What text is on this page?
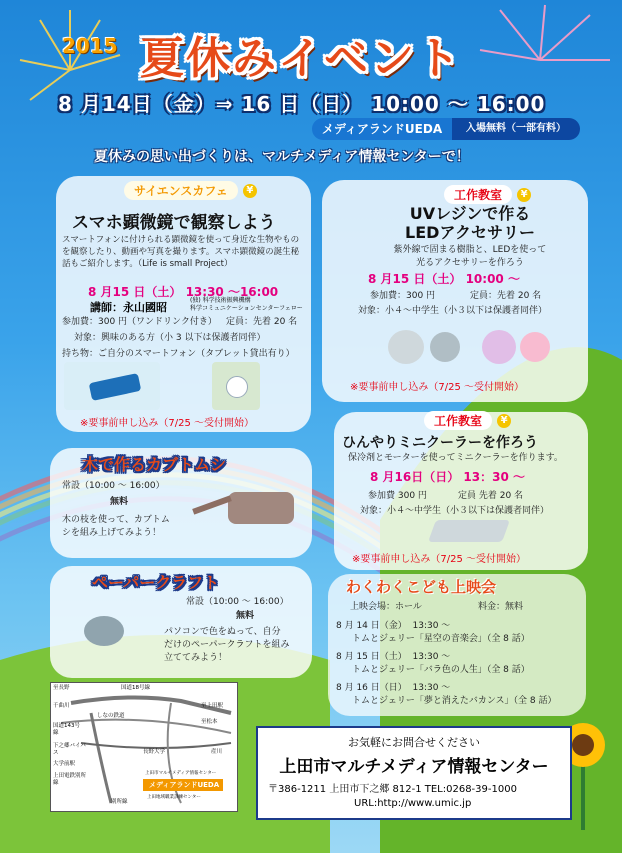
2015 夏休みイベント
8 月14日（金）⇒ 16 日（日） 10:00 ～ 16:00
メディアランドUEDA	入場無料（一部有料）
夏休みの思い出づくりは、マルチメディア情報センターで！
サイエンスカフェ ¥
スマホ顕微鏡で観察しよう
スマートフォンに付けられる顕微鏡を使って身近な生物やものを観察したり、動画や写真を撮ります。スマホ顕微鏡の誕生秘話もご紹介します。（Life is small Project）
8 月15 日（土） 13:30 ～16:00
講師：永山國昭
(独) 科学技術振興機構
科学コミュニケーションセンターフェロー
参加費：300 円（ワンドリンク付き） 定員：先着 20 名
対象：興味のある方（小 3 以下は保護者同伴）
持ち物：ご自分のスマートフォン（タブレット貸出有り）
※要事前申し込み（7/25 ～受付開始）
工作教室 ¥
UVレジンで作る
LEDアクセサリー
紫外線で固まる樹脂と、LEDを使って
光るアクセサリーを作ろう
8 月15 日（土） 10:00 ～
参加費：300 円	定員：先着 20 名
対象：小４～中学生（小３以下は保護者同伴）
※要事前申し込み（7/25 ～受付開始）
工作教室 ¥
ひんやりミニクーラーを作ろう
保冷剤とモーターを使ってミニクーラーを作ります。
8 月16日（日） 13：30 ～
参加費 300 円	定員 先着 20 名
対象：小４～中学生（小３以下は保護者同伴）
※要事前申し込み（7/25 ～受付開始）
木で作るカブトムシ
常設（10:00 ～ 16:00）
無料
木の枝を使って、カブトム
シを組み上げてみよう！
ペーパークラフト
常設（10:00 ～ 16:00）
無料
パソコンで色をぬって、自分
だけのペーパークラフトを組み
立ててみよう！
わくわくこども上映会
上映会場：ホール	料金：無料
8 月 14 日（金） 13:30 ～
トムとジェリー「星空の音楽会」（全 8 話）
8 月 15 日（土） 13:30 ～
トムとジェリー「バラ色の人生」（全 8 話）
8 月 16 日（日） 13:30 ～
トムとジェリー「夢と消えたバカンス」（全 8 話）
至長野	国道18号線
しなの鉄道
千曲川
国道143号線
下之郷バイパス
大学前駅
上田電鉄別所線
別所線
至松本
至上田駅
産川
上田市マルチメディア情報センター
メディアランドUEDA
長野大学
上田地域職業訓練センター
お気軽にお問合せください
上田市マルチメディア情報センター
〒386-1211 上田市下之郷 812-1 TEL:0268-39-1000
URL:http://www.umic.jp
